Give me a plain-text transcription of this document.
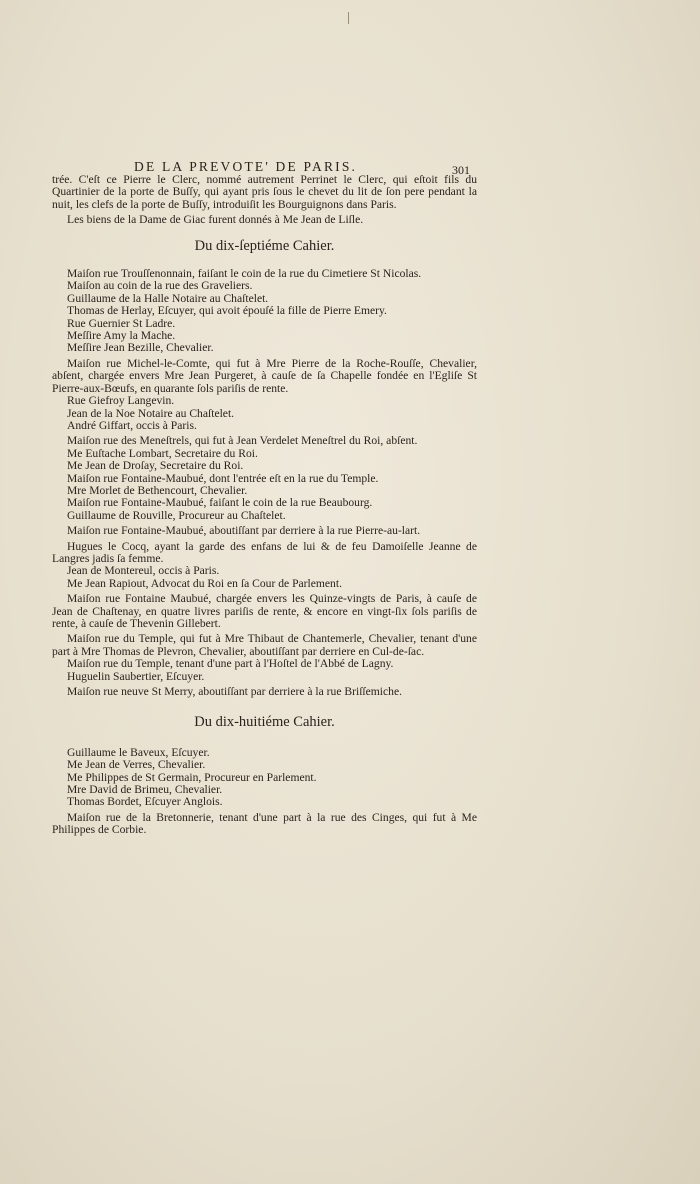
DE LA PREVOTE' DE PARIS.	301

trée. C'eſt ce Pierre le Clerc, nommé autrement Perrinet le Clerc, qui eſtoit fils du Quartinier de la porte de Buſſy, qui ayant pris ſous le chevet du lit de ſon pere pendant la nuit, les clefs de la porte de Buſſy, introduiſit les Bourguignons dans Paris.

Les biens de la Dame de Giac furent donnés à Me Jean de Liſle.

Du dix-ſeptiéme Cahier.

Maiſon rue Trouſſenonnain, faiſant le coin de la rue du Cimetiere St Nicolas.

Maiſon au coin de la rue des Graveliers.

Guillaume de la Halle Notaire au Chaſtelet.

Thomas de Herlay, Eſcuyer, qui avoit épouſé la fille de Pierre Emery.

Rue Guernier St Ladre.

Meſſire Amy la Mache.

Meſſire Jean Bezille, Chevalier.

Maiſon rue Michel-le-Comte, qui fut à Mre Pierre de la Roche-Rouſſe, Chevalier, abſent, chargée envers Mre Jean Purgeret, à cauſe de ſa Chapelle fondée en l'Egliſe St Pierre-aux-Bœufs, en quarante ſols pariſis de rente.

Rue Giefroy Langevin.

Jean de la Noe Notaire au Chaſtelet.

André Giffart, occis à Paris.

Maiſon rue des Meneſtrels, qui fut à Jean Verdelet Meneſtrel du Roi, abſent.

Me Euſtache Lombart, Secretaire du Roi.

Me Jean de Droſay, Secretaire du Roi.

Maiſon rue Fontaine-Maubué, dont l'entrée eſt en la rue du Temple.

Mre Morlet de Bethencourt, Chevalier.

Maiſon rue Fontaine-Maubué, faiſant le coin de la rue Beaubourg.

Guillaume de Rouville, Procureur au Chaſtelet.

Maiſon rue Fontaine-Maubué, aboutiſſant par derriere à la rue Pierre-au-lart.

Hugues le Cocq, ayant la garde des enfans de lui & de feu Damoiſelle Jeanne de Langres jadis ſa femme.

Jean de Montereul, occis à Paris.

Me Jean Rapiout, Advocat du Roi en ſa Cour de Parlement.

Maiſon rue Fontaine Maubué, chargée envers les Quinze-vingts de Paris, à cauſe de Jean de Chaſtenay, en quatre livres pariſis de rente, & encore en vingt-ſix ſols pariſis de rente, à cauſe de Thevenin Gillebert.

Maiſon rue du Temple, qui fut à Mre Thibaut de Chantemerle, Chevalier, tenant d'une part à Mre Thomas de Plevron, Chevalier, aboutiſſant par derriere en Cul-de-ſac.

Maiſon rue du Temple, tenant d'une part à l'Hoſtel de l'Abbé de Lagny.

Huguelin Saubertier, Eſcuyer.

Maiſon rue neuve St Merry, aboutiſſant par derriere à la rue Briſſemiche.

Du dix-huitiéme Cahier.

Guillaume le Baveux, Eſcuyer.

Me Jean de Verres, Chevalier.

Me Philippes de St Germain, Procureur en Parlement.

Mre David de Brimeu, Chevalier.

Thomas Bordet, Eſcuyer Anglois.

Maiſon rue de la Bretonnerie, tenant d'une part à la rue des Cinges, qui fut à Me Philippes de Corbie.
